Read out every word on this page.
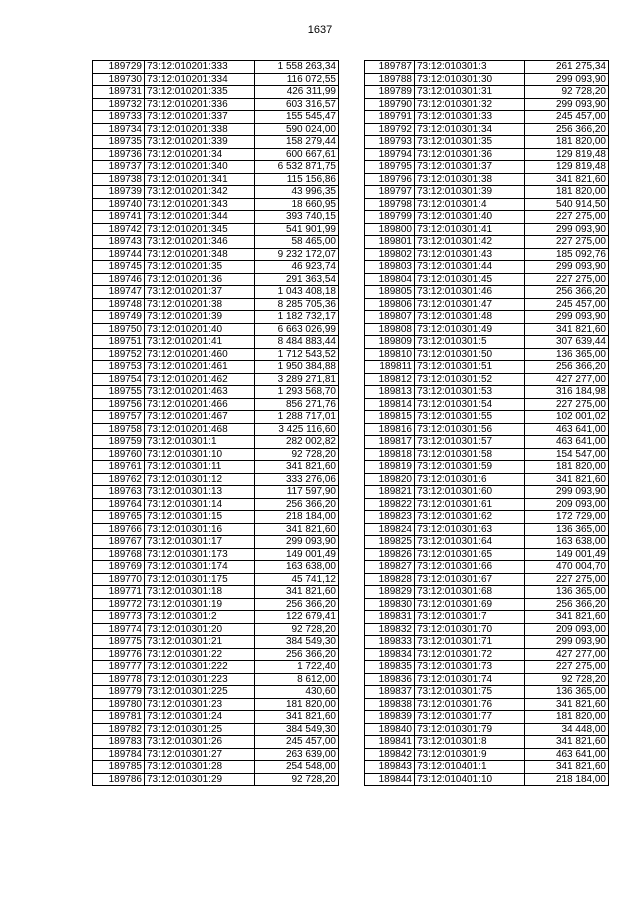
1637
189729	73:12:010201:333	1 558 263,34
189730	73:12:010201:334	116 072,55
189731	73:12:010201:335	426 311,99
189732	73:12:010201:336	603 316,57
189733	73:12:010201:337	155 545,47
189734	73:12:010201:338	590 024,00
189735	73:12:010201:339	158 279,44
189736	73:12:010201:34	600 667,61
189737	73:12:010201:340	6 532 871,75
189738	73:12:010201:341	115 156,86
189739	73:12:010201:342	43 996,35
189740	73:12:010201:343	18 660,95
189741	73:12:010201:344	393 740,15
189742	73:12:010201:345	541 901,99
189743	73:12:010201:346	58 465,00
189744	73:12:010201:348	9 232 172,07
189745	73:12:010201:35	46 923,74
189746	73:12:010201:36	291 363,54
189747	73:12:010201:37	1 043 408,18
189748	73:12:010201:38	8 285 705,36
189749	73:12:010201:39	1 182 732,17
189750	73:12:010201:40	6 663 026,99
189751	73:12:010201:41	8 484 883,44
189752	73:12:010201:460	1 712 543,52
189753	73:12:010201:461	1 950 384,88
189754	73:12:010201:462	3 289 271,81
189755	73:12:010201:463	1 293 568,70
189756	73:12:010201:466	856 271,76
189757	73:12:010201:467	1 288 717,01
189758	73:12:010201:468	3 425 116,60
189759	73:12:010301:1	282 002,82
189760	73:12:010301:10	92 728,20
189761	73:12:010301:11	341 821,60
189762	73:12:010301:12	333 276,06
189763	73:12:010301:13	117 597,90
189764	73:12:010301:14	256 366,20
189765	73:12:010301:15	218 184,00
189766	73:12:010301:16	341 821,60
189767	73:12:010301:17	299 093,90
189768	73:12:010301:173	149 001,49
189769	73:12:010301:174	163 638,00
189770	73:12:010301:175	45 741,12
189771	73:12:010301:18	341 821,60
189772	73:12:010301:19	256 366,20
189773	73:12:010301:2	122 679,41
189774	73:12:010301:20	92 728,20
189775	73:12:010301:21	384 549,30
189776	73:12:010301:22	256 366,20
189777	73:12:010301:222	1 722,40
189778	73:12:010301:223	8 612,00
189779	73:12:010301:225	430,60
189780	73:12:010301:23	181 820,00
189781	73:12:010301:24	341 821,60
189782	73:12:010301:25	384 549,30
189783	73:12:010301:26	245 457,00
189784	73:12:010301:27	263 639,00
189785	73:12:010301:28	254 548,00
189786	73:12:010301:29	92 728,20
189787	73:12:010301:3	261 275,34
189788	73:12:010301:30	299 093,90
189789	73:12:010301:31	92 728,20
189790	73:12:010301:32	299 093,90
189791	73:12:010301:33	245 457,00
189792	73:12:010301:34	256 366,20
189793	73:12:010301:35	181 820,00
189794	73:12:010301:36	129 819,48
189795	73:12:010301:37	129 819,48
189796	73:12:010301:38	341 821,60
189797	73:12:010301:39	181 820,00
189798	73:12:010301:4	540 914,50
189799	73:12:010301:40	227 275,00
189800	73:12:010301:41	299 093,90
189801	73:12:010301:42	227 275,00
189802	73:12:010301:43	185 092,76
189803	73:12:010301:44	299 093,90
189804	73:12:010301:45	227 275,00
189805	73:12:010301:46	256 366,20
189806	73:12:010301:47	245 457,00
189807	73:12:010301:48	299 093,90
189808	73:12:010301:49	341 821,60
189809	73:12:010301:5	307 639,44
189810	73:12:010301:50	136 365,00
189811	73:12:010301:51	256 366,20
189812	73:12:010301:52	427 277,00
189813	73:12:010301:53	316 184,98
189814	73:12:010301:54	227 275,00
189815	73:12:010301:55	102 001,02
189816	73:12:010301:56	463 641,00
189817	73:12:010301:57	463 641,00
189818	73:12:010301:58	154 547,00
189819	73:12:010301:59	181 820,00
189820	73:12:010301:6	341 821,60
189821	73:12:010301:60	299 093,90
189822	73:12:010301:61	209 093,00
189823	73:12:010301:62	172 729,00
189824	73:12:010301:63	136 365,00
189825	73:12:010301:64	163 638,00
189826	73:12:010301:65	149 001,49
189827	73:12:010301:66	470 004,70
189828	73:12:010301:67	227 275,00
189829	73:12:010301:68	136 365,00
189830	73:12:010301:69	256 366,20
189831	73:12:010301:7	341 821,60
189832	73:12:010301:70	209 093,00
189833	73:12:010301:71	299 093,90
189834	73:12:010301:72	427 277,00
189835	73:12:010301:73	227 275,00
189836	73:12:010301:74	92 728,20
189837	73:12:010301:75	136 365,00
189838	73:12:010301:76	341 821,60
189839	73:12:010301:77	181 820,00
189840	73:12:010301:79	34 448,00
189841	73:12:010301:8	341 821,60
189842	73:12:010301:9	463 641,00
189843	73:12:010401:1	341 821,60
189844	73:12:010401:10	218 184,00
